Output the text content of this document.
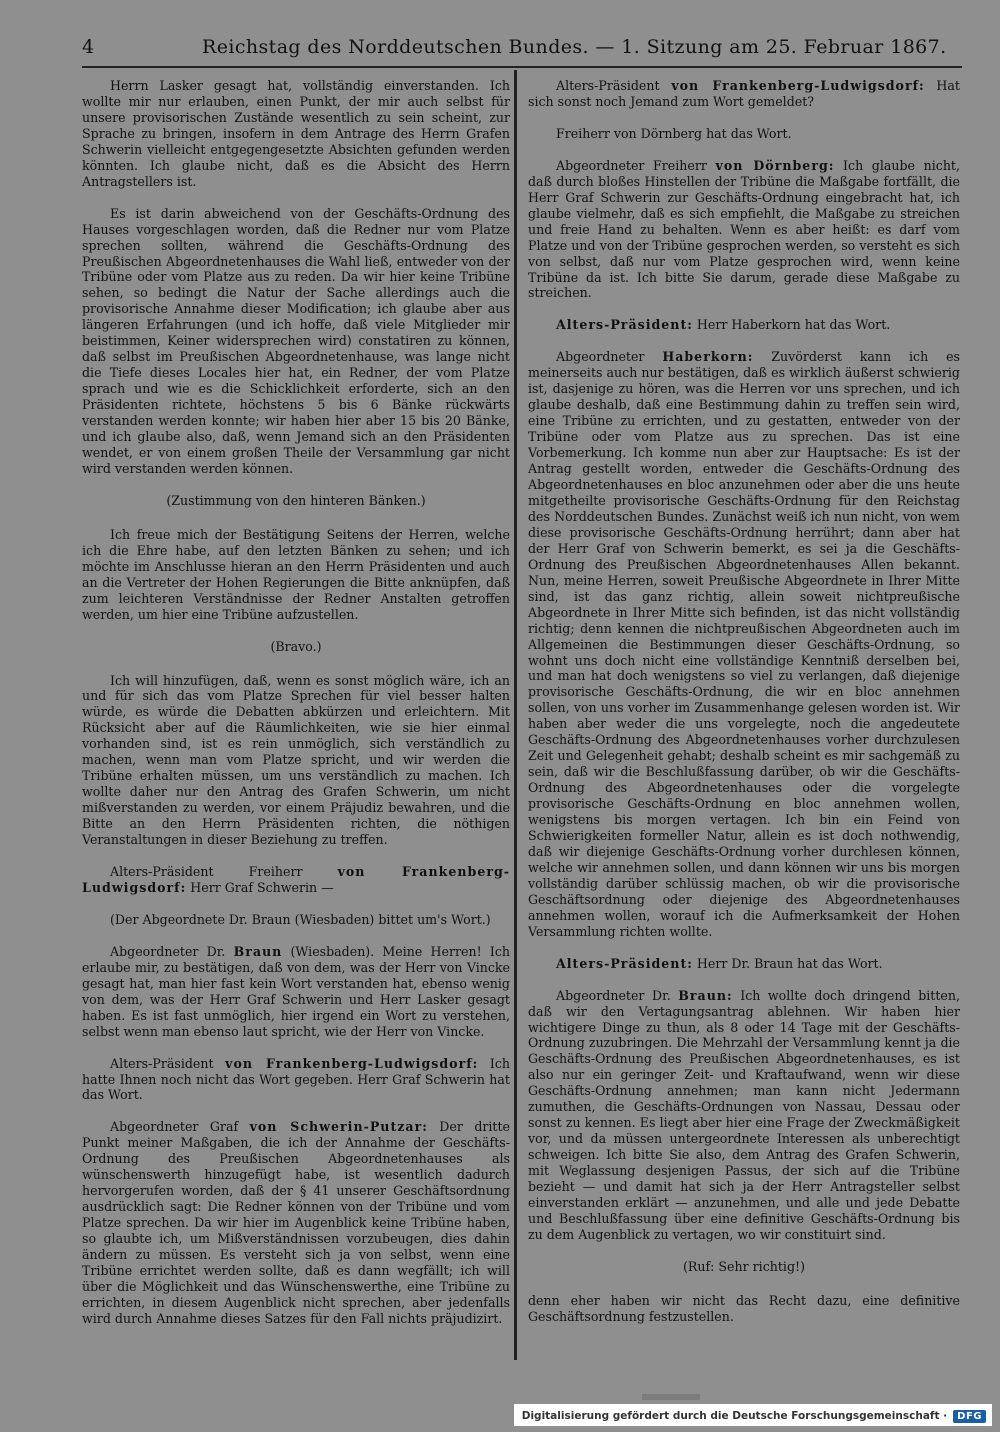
4	Reichstag des Norddeutschen Bundes. — 1. Sitzung am 25. Februar 1867.

Herrn Lasker gesagt hat, vollständig einverstanden. Ich wollte mir nur erlauben, einen Punkt, der mir auch selbst für unsere provisorischen Zustände wesentlich zu sein scheint, zur Sprache zu bringen, insofern in dem Antrage des Herrn Grafen Schwerin vielleicht entgegengesetzte Absichten gefunden werden könnten. Ich glaube nicht, daß es die Absicht des Herrn Antragstellers ist.

Es ist darin abweichend von der Geschäfts-Ordnung des Hauses vorgeschlagen worden, daß die Redner nur vom Platze sprechen sollten, während die Geschäfts-Ordnung des Preußischen Abgeordnetenhauses die Wahl ließ, entweder von der Tribüne oder vom Platze aus zu reden. Da wir hier keine Tribüne sehen, so bedingt die Natur der Sache allerdings auch die provisorische Annahme dieser Modification; ich glaube aber aus längeren Erfahrungen (und ich hoffe, daß viele Mitglieder mir beistimmen, Keiner widersprechen wird) constatiren zu können, daß selbst im Preußischen Abgeordnetenhause, was lange nicht die Tiefe dieses Locales hier hat, ein Redner, der vom Platze sprach und wie es die Schicklichkeit erforderte, sich an den Präsidenten richtete, höchstens 5 bis 6 Bänke rückwärts verstanden werden konnte; wir haben hier aber 15 bis 20 Bänke, und ich glaube also, daß, wenn Jemand sich an den Präsidenten wendet, er von einem großen Theile der Versammlung gar nicht wird verstanden werden können.

(Zustimmung von den hinteren Bänken.)

Ich freue mich der Bestätigung Seitens der Herren, welche ich die Ehre habe, auf den letzten Bänken zu sehen; und ich möchte im Anschlusse hieran an den Herrn Präsidenten und auch an die Vertreter der Hohen Regierungen die Bitte anknüpfen, daß zum leichteren Verständnisse der Redner Anstalten getroffen werden, um hier eine Tribüne aufzustellen.

(Bravo.)

Ich will hinzufügen, daß, wenn es sonst möglich wäre, ich an und für sich das vom Platze Sprechen für viel besser halten würde, es würde die Debatten abkürzen und erleichtern. Mit Rücksicht aber auf die Räumlichkeiten, wie sie hier einmal vorhanden sind, ist es rein unmöglich, sich verständlich zu machen, wenn man vom Platze spricht, und wir werden die Tribüne erhalten müssen, um uns verständlich zu machen. Ich wollte daher nur den Antrag des Grafen Schwerin, um nicht mißverstanden zu werden, vor einem Präjudiz bewahren, und die Bitte an den Herrn Präsidenten richten, die nöthigen Veranstaltungen in dieser Beziehung zu treffen.

Alters-Präsident Freiherr von Frankenberg-Ludwigsdorf: Herr Graf Schwerin —

(Der Abgeordnete Dr. Braun (Wiesbaden) bittet um's Wort.)

Abgeordneter Dr. Braun (Wiesbaden). Meine Herren! Ich erlaube mir, zu bestätigen, daß von dem, was der Herr von Vincke gesagt hat, man hier fast kein Wort verstanden hat, ebenso wenig von dem, was der Herr Graf Schwerin und Herr Lasker gesagt haben. Es ist fast unmöglich, hier irgend ein Wort zu verstehen, selbst wenn man ebenso laut spricht, wie der Herr von Vincke.

Alters-Präsident von Frankenberg-Ludwigsdorf: Ich hatte Ihnen noch nicht das Wort gegeben. Herr Graf Schwerin hat das Wort.

Abgeordneter Graf von Schwerin-Putzar: Der dritte Punkt meiner Maßgaben, die ich der Annahme der Geschäfts-Ordnung des Preußischen Abgeordnetenhauses als wünschenswerth hinzugefügt habe, ist wesentlich dadurch hervorgerufen worden, daß der § 41 unserer Geschäftsordnung ausdrücklich sagt: Die Redner können von der Tribüne und vom Platze sprechen. Da wir hier im Augenblick keine Tribüne haben, so glaubte ich, um Mißverständnissen vorzubeugen, dies dahin ändern zu müssen. Es versteht sich ja von selbst, wenn eine Tribüne errichtet werden sollte, daß es dann wegfällt; ich will über die Möglichkeit und das Wünschenswerthe, eine Tribüne zu errichten, in diesem Augenblick nicht sprechen, aber jedenfalls wird durch Annahme dieses Satzes für den Fall nichts präjudizirt.

Alters-Präsident von Frankenberg-Ludwigsdorf: Hat sich sonst noch Jemand zum Wort gemeldet?

Freiherr von Dörnberg hat das Wort.

Abgeordneter Freiherr von Dörnberg: Ich glaube nicht, daß durch bloßes Hinstellen der Tribüne die Maßgabe fortfällt, die Herr Graf Schwerin zur Geschäfts-Ordnung eingebracht hat, ich glaube vielmehr, daß es sich empfiehlt, die Maßgabe zu streichen und freie Hand zu behalten. Wenn es aber heißt: es darf vom Platze und von der Tribüne gesprochen werden, so versteht es sich von selbst, daß nur vom Platze gesprochen wird, wenn keine Tribüne da ist. Ich bitte Sie darum, gerade diese Maßgabe zu streichen.

Alters-Präsident: Herr Haberkorn hat das Wort.

Abgeordneter Haberkorn: Zuvörderst kann ich es meinerseits auch nur bestätigen, daß es wirklich äußerst schwierig ist, dasjenige zu hören, was die Herren vor uns sprechen, und ich glaube deshalb, daß eine Bestimmung dahin zu treffen sein wird, eine Tribüne zu errichten, und zu gestatten, entweder von der Tribüne oder vom Platze aus zu sprechen. Das ist eine Vorbemerkung. Ich komme nun aber zur Hauptsache: Es ist der Antrag gestellt worden, entweder die Geschäfts-Ordnung des Abgeordnetenhauses en bloc anzunehmen oder aber die uns heute mitgetheilte provisorische Geschäfts-Ordnung für den Reichstag des Norddeutschen Bundes. Zunächst weiß ich nun nicht, von wem diese provisorische Geschäfts-Ordnung herrührt; dann aber hat der Herr Graf von Schwerin bemerkt, es sei ja die Geschäfts-Ordnung des Preußischen Abgeordnetenhauses Allen bekannt. Nun, meine Herren, soweit Preußische Abgeordnete in Ihrer Mitte sind, ist das ganz richtig, allein soweit nichtpreußische Abgeordnete in Ihrer Mitte sich befinden, ist das nicht vollständig richtig; denn kennen die nichtpreußischen Abgeordneten auch im Allgemeinen die Bestimmungen dieser Geschäfts-Ordnung, so wohnt uns doch nicht eine vollständige Kenntniß derselben bei, und man hat doch wenigstens so viel zu verlangen, daß diejenige provisorische Geschäfts-Ordnung, die wir en bloc annehmen sollen, von uns vorher im Zusammenhange gelesen worden ist. Wir haben aber weder die uns vorgelegte, noch die angedeutete Geschäfts-Ordnung des Abgeordnetenhauses vorher durchzulesen Zeit und Gelegenheit gehabt; deshalb scheint es mir sachgemäß zu sein, daß wir die Beschlußfassung darüber, ob wir die Geschäfts-Ordnung des Abgeordnetenhauses oder die vorgelegte provisorische Geschäfts-Ordnung en bloc annehmen wollen, wenigstens bis morgen vertagen. Ich bin ein Feind von Schwierigkeiten formeller Natur, allein es ist doch nothwendig, daß wir diejenige Geschäfts-Ordnung vorher durchlesen können, welche wir annehmen sollen, und dann können wir uns bis morgen vollständig darüber schlüssig machen, ob wir die provisorische Geschäftsordnung oder diejenige des Abgeordnetenhauses annehmen wollen, worauf ich die Aufmerksamkeit der Hohen Versammlung richten wollte.

Alters-Präsident: Herr Dr. Braun hat das Wort.

Abgeordneter Dr. Braun: Ich wollte doch dringend bitten, daß wir den Vertagungsantrag ablehnen. Wir haben hier wichtigere Dinge zu thun, als 8 oder 14 Tage mit der Geschäfts-Ordnung zuzubringen. Die Mehrzahl der Versammlung kennt ja die Geschäfts-Ordnung des Preußischen Abgeordnetenhauses, es ist also nur ein geringer Zeit- und Kraftaufwand, wenn wir diese Geschäfts-Ordnung annehmen; man kann nicht Jedermann zumuthen, die Geschäfts-Ordnungen von Nassau, Dessau oder sonst zu kennen. Es liegt aber hier eine Frage der Zweckmäßigkeit vor, und da müssen untergeordnete Interessen als unberechtigt schweigen. Ich bitte Sie also, dem Antrag des Grafen Schwerin, mit Weglassung desjenigen Passus, der sich auf die Tribüne bezieht — und damit hat sich ja der Herr Antragsteller selbst einverstanden erklärt — anzunehmen, und alle und jede Debatte und Beschlußfassung über eine definitive Geschäfts-Ordnung bis zu dem Augenblick zu vertagen, wo wir constituirt sind.

(Ruf: Sehr richtig!)

denn eher haben wir nicht das Recht dazu, eine definitive Geschäftsordnung festzustellen.

Digitalisierung gefördert durch die Deutsche Forschungsgemeinschaft ·	DFG
